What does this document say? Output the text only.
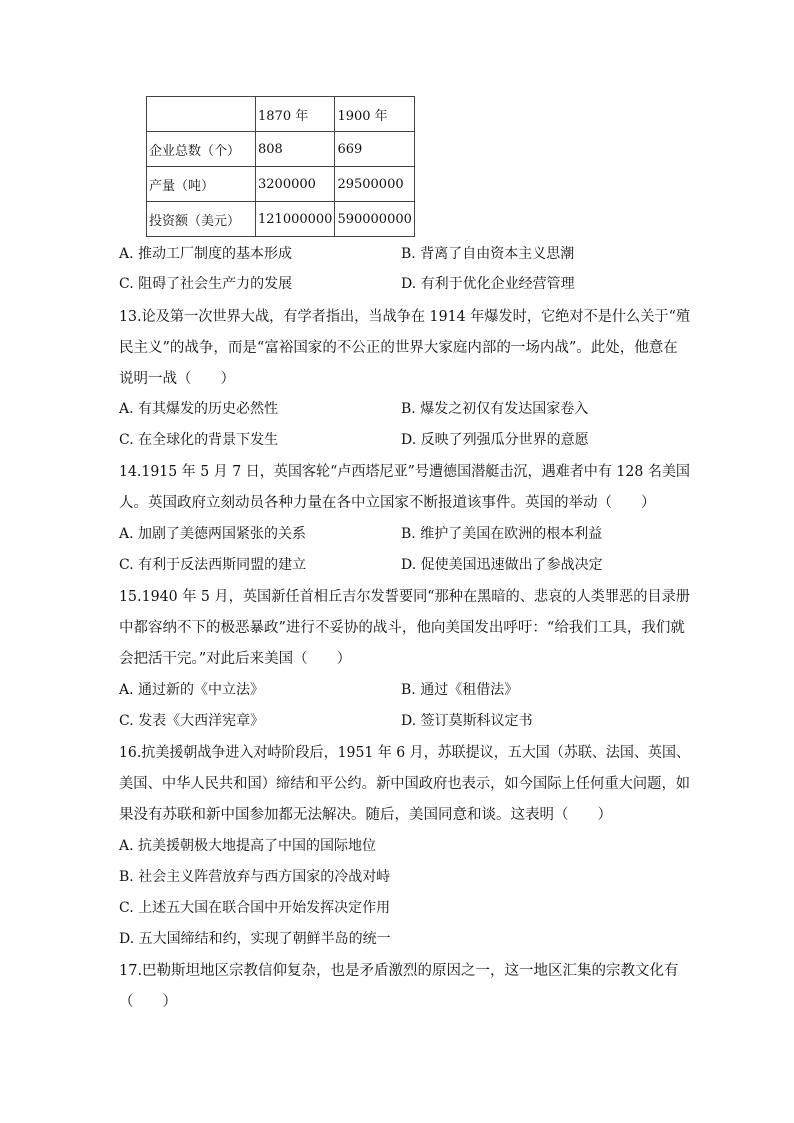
	1870 年	1900 年
企业总数（个）	808	669
产量（吨）	3200000	29500000
投资额（美元）	121000000	590000000
A. 推动工厂制度的基本形成	B. 背离了自由资本主义思潮
C. 阻碍了社会生产力的发展	D. 有利于优化企业经营管理
13.论及第一次世界大战，有学者指出，当战争在 1914 年爆发时，它绝对不是什么关于“殖
民主义”的战争，而是“富裕国家的不公正的世界大家庭内部的一场内战”。此处，他意在
说明一战（　　）
A. 有其爆发的历史必然性	B. 爆发之初仅有发达国家卷入
C. 在全球化的背景下发生	D. 反映了列强瓜分世界的意愿
14.1915 年 5 月 7 日，英国客轮“卢西塔尼亚”号遭德国潜艇击沉，遇难者中有 128 名美国
人。英国政府立刻动员各种力量在各中立国家不断报道该事件。英国的举动（　　）
A. 加剧了美德两国紧张的关系	B. 维护了美国在欧洲的根本利益
C. 有利于反法西斯同盟的建立	D. 促使美国迅速做出了参战决定
15.1940 年 5 月，英国新任首相丘吉尔发誓要同“那种在黑暗的、悲哀的人类罪恶的目录册
中都容纳不下的极恶暴政”进行不妥协的战斗，他向美国发出呼吁：“给我们工具，我们就
会把活干完。”对此后来美国（　　）
A. 通过新的《中立法》	B. 通过《租借法》
C. 发表《大西洋宪章》	D. 签订莫斯科议定书
16.抗美援朝战争进入对峙阶段后，1951 年 6 月，苏联提议，五大国（苏联、法国、英国、
美国、中华人民共和国）缔结和平公约。新中国政府也表示，如今国际上任何重大问题，如
果没有苏联和新中国参加都无法解决。随后，美国同意和谈。这表明（　　）
A. 抗美援朝极大地提高了中国的国际地位
B. 社会主义阵营放弃与西方国家的冷战对峙
C. 上述五大国在联合国中开始发挥决定作用
D. 五大国缔结和约，实现了朝鲜半岛的统一
17.巴勒斯坦地区宗教信仰复杂，也是矛盾激烈的原因之一，这一地区汇集的宗教文化有
（　　）
